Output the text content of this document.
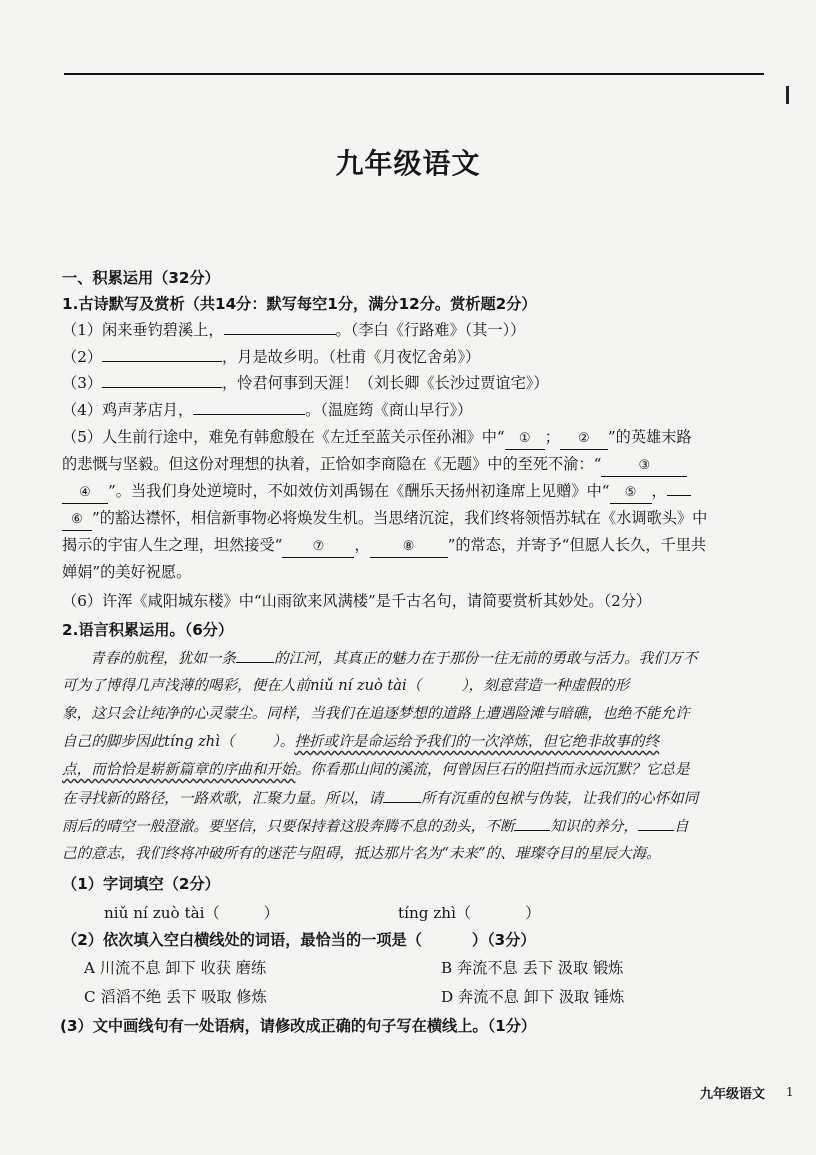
九年级语文
一、积累运用（32分）
1.古诗默写及赏析（共14分：默写每空1分，满分12分。赏析题2分）
（1）闲来垂钓碧溪上，	。（李白《行路难》（其一））
（2）	，月是故乡明。（杜甫《月夜忆舍弟》）
（3）	，怜君何事到天涯！（刘长卿《长沙过贾谊宅》）
（4）鸡声茅店月，	。（温庭筠《商山早行》）
（5）人生前行途中，难免有韩愈般在《左迁至蓝关示侄孙湘》中“ ① ； ② ”的英雄末路
的悲慨与坚毅。但这份对理想的执着，正恰如李商隐在《无题》中的至死不渝：“	③
④ ”。当我们身处逆境时，不如效仿刘禹锡在《酬乐天扬州初逢席上见赠》中“ ⑤ ，
⑥ ”的豁达襟怀，相信新事物必将焕发生机。当思绪沉淀，我们终将领悟苏轼在《水调歌头》中
揭示的宇宙人生之理，坦然接受“ ⑦ ，	⑧ ”的常态，并寄予“但愿人长久，千里共
婵娟”的美好祝愿。
（6）许浑《咸阳城东楼》中“山雨欲来风满楼”是千古名句，请简要赏析其妙处。（2分）
2.语言积累运用。（6分）
青春的航程，犹如一条	的江河，其真正的魅力在于那份一往无前的勇敢与活力。我们万不
可为了博得几声浅薄的喝彩，便在人前niǔ ní zuò tài（	），刻意营造一种虚假的形
象，这只会让纯净的心灵蒙尘。同样，当我们在追逐梦想的道路上遭遇险滩与暗礁，也绝不能允许
自己的脚步因此tíng zhì（	）。挫折或许是命运给予我们的一次淬炼，但它绝非故事的终
点，而恰恰是崭新篇章的序曲和开始。你看那山间的溪流，何曾因巨石的阻挡而永远沉默？它总是
在寻找新的路径，一路欢歌，汇聚力量。所以，请	所有沉重的包袱与伪装，让我们的心怀如同
雨后的晴空一般澄澈。要坚信，只要保持着这股奔腾不息的劲头，不断 知识的养分， 自
己的意志，我们终将冲破所有的迷茫与阻碍，抵达那片名为“未来”的、璀璨夺目的星辰大海。
（1）字词填空（2分）
niǔ ní zuò tài（	）	tíng zhì（	）
（2）依次填入空白横线处的词语，最恰当的一项是（	）（3分）
A 川流不息 卸下 收获 磨练	B 奔流不息 丢下 汲取 锻炼
C 滔滔不绝 丢下 吸取 修炼	D 奔流不息 卸下 汲取 锤炼
(3）文中画线句有一处语病，请修改成正确的句子写在横线上。（1分）
九年级语文 1
